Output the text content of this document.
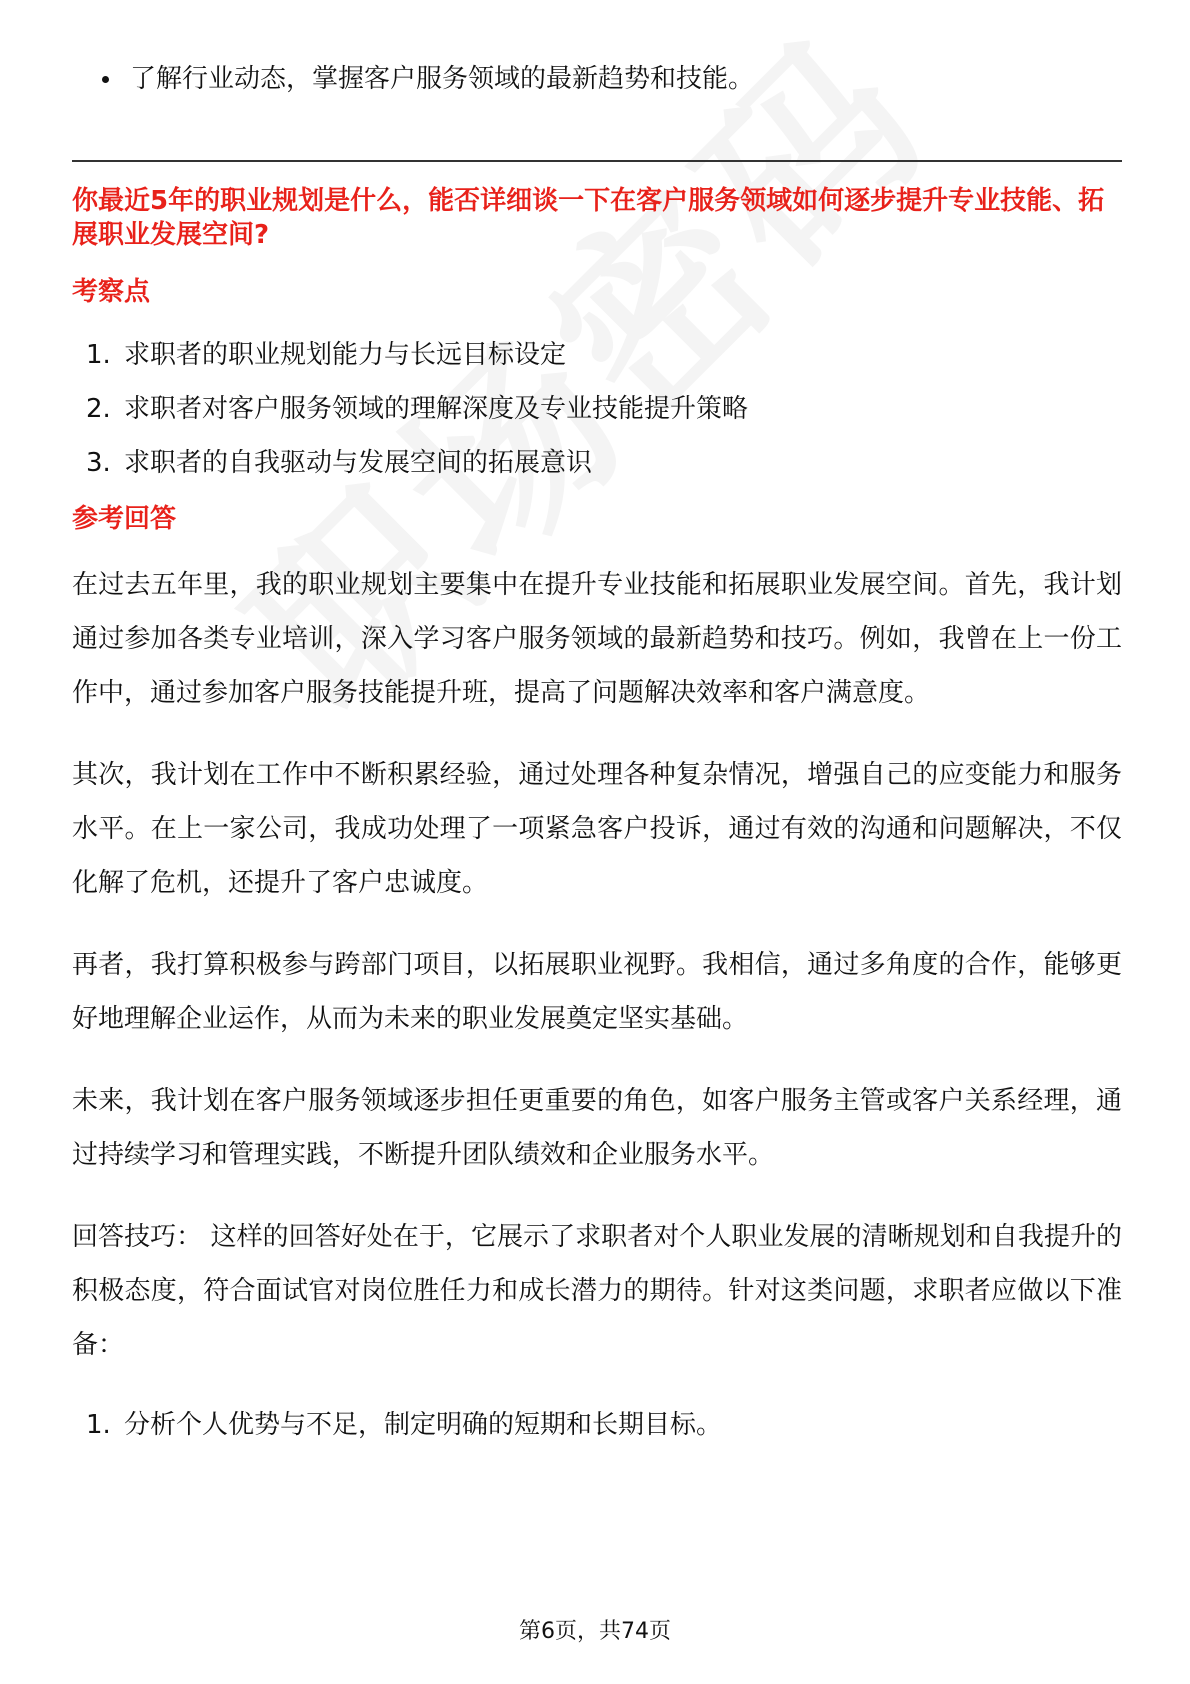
了解行业动态，掌握客户服务领域的最新趋势和技能。
你最近5年的职业规划是什么，能否详细谈一下在客户服务领域如何逐步提升专业技能、拓展职业发展空间?
考察点
1. 求职者的职业规划能力与长远目标设定
2. 求职者对客户服务领域的理解深度及专业技能提升策略
3. 求职者的自我驱动与发展空间的拓展意识
参考回答

在过去五年里，我的职业规划主要集中在提升专业技能和拓展职业发展空间。首先，我计划通过参加各类专业培训，深入学习客户服务领域的最新趋势和技巧。例如，我曾在上一份工作中，通过参加客户服务技能提升班，提高了问题解决效率和客户满意度。

其次，我计划在工作中不断积累经验，通过处理各种复杂情况，增强自己的应变能力和服务水平。在上一家公司，我成功处理了一项紧急客户投诉，通过有效的沟通和问题解决，不仅化解了危机，还提升了客户忠诚度。

再者，我打算积极参与跨部门项目，以拓展职业视野。我相信，通过多角度的合作，能够更好地理解企业运作，从而为未来的职业发展奠定坚实基础。

未来，我计划在客户服务领域逐步担任更重要的角色，如客户服务主管或客户关系经理，通过持续学习和管理实践，不断提升团队绩效和企业服务水平。

回答技巧： 这样的回答好处在于，它展示了求职者对个人职业发展的清晰规划和自我提升的积极态度，符合面试官对岗位胜任力和成长潜力的期待。针对这类问题，求职者应做以下准备：

1. 分析个人优势与不足，制定明确的短期和长期目标。
第6页，共74页
